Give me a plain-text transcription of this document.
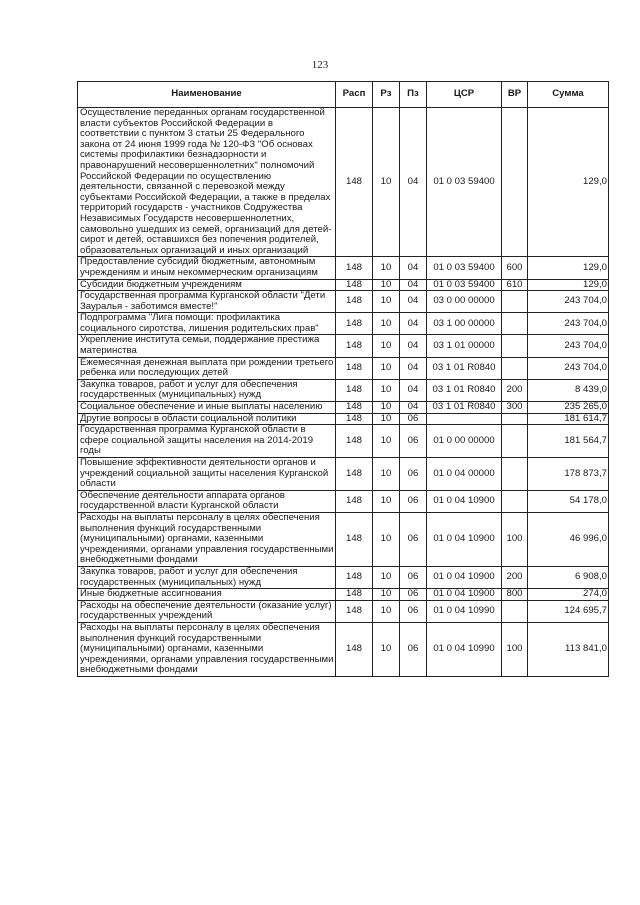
123
Наименование	Расп	Рз	Пз	ЦСР	ВР	Сумма
Осуществление переданных органам государственной власти субъектов Российской Федерации в соответствии с пунктом 3 статьи 25 Федерального закона от 24 июня 1999 года № 120-ФЗ "Об основах системы профилактики безнадзорности и правонарушений несовершеннолетних" полномочий Российской Федерации по осуществлению деятельности, связанной с перевозкой между субъектами Российской Федерации, а также в пределах территорий государств - участников Содружества Независимых Государств несовершеннолетних, самовольно ушедших из семей, организаций для детей-сирот и детей, оставшихся без попечения родителей, образовательных организаций и иных организаций	148	10	04	01 0 03 59400		129,0
Предоставление субсидий бюджетным, автономным учреждениям и иным некоммерческим организациям	148	10	04	01 0 03 59400	600	129,0
Субсидии бюджетным учреждениям	148	10	04	01 0 03 59400	610	129,0
Государственная программа Курганской области "Дети Зауралья - заботимся вместе!"	148	10	04	03 0 00 00000		243 704,0
Подпрограмма "Лига помощи: профилактика социального сиротства, лишения родительских прав"	148	10	04	03 1 00 00000		243 704,0
Укрепление института семьи, поддержание престижа материнства	148	10	04	03 1 01 00000		243 704,0
Ежемесячная денежная выплата при рождении третьего ребенка или последующих детей	148	10	04	03 1 01 R0840		243 704,0
Закупка товаров, работ и услуг для обеспечения государственных (муниципальных) нужд	148	10	04	03 1 01 R0840	200	8 439,0
Социальное обеспечение и иные выплаты населению	148	10	04	03 1 01 R0840	300	235 265,0
Другие вопросы в области социальной политики	148	10	06			181 614,7
Государственная программа Курганской области в сфере социальной защиты населения на 2014-2019 годы	148	10	06	01 0 00 00000		181 564,7
Повышение эффективности деятельности органов и учреждений социальной защиты населения Курганской области	148	10	06	01 0 04 00000		178 873,7
Обеспечение деятельности аппарата органов государственной власти Курганской области	148	10	06	01 0 04 10900		54 178,0
Расходы на выплаты персоналу в целях обеспечения выполнения функций государственными (муниципальными) органами, казенными учреждениями, органами управления государственными внебюджетными фондами	148	10	06	01 0 04 10900	100	46 996,0
Закупка товаров, работ и услуг для обеспечения государственных (муниципальных) нужд	148	10	06	01 0 04 10900	200	6 908,0
Иные бюджетные ассигнования	148	10	06	01 0 04 10900	800	274,0
Расходы на обеспечение деятельности (оказание услуг) государственных учреждений	148	10	06	01 0 04 10990		124 695,7
Расходы на выплаты персоналу в целях обеспечения выполнения функций государственными (муниципальными) органами, казенными учреждениями, органами управления государственными внебюджетными фондами	148	10	06	01 0 04 10990	100	113 841,0
